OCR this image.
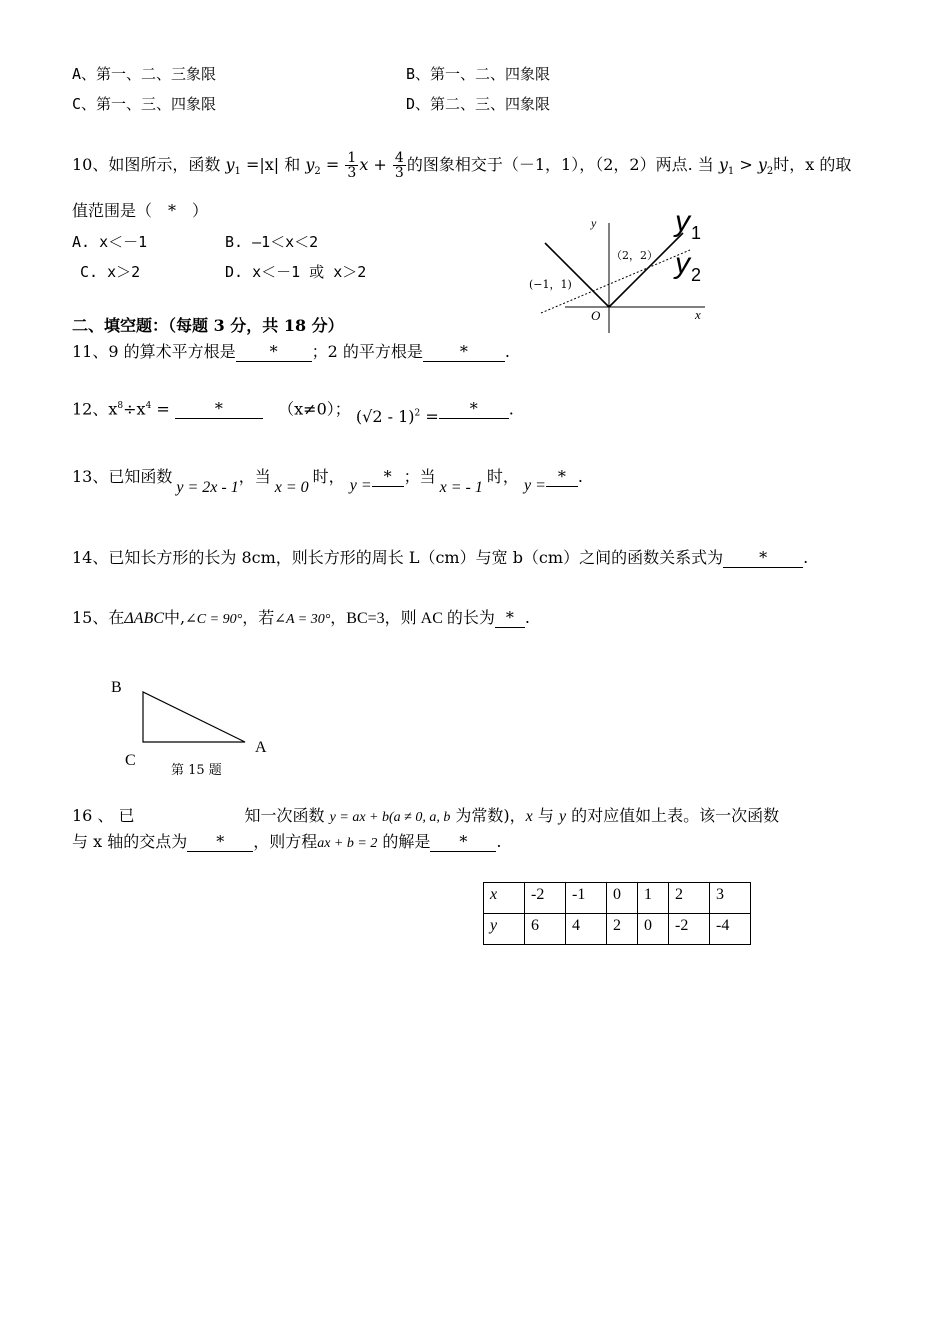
A、第一、二、三象限	B、第一、二、四象限
C、第一、三、四象限	D、第二、三、四象限
10、如图所示，函数 $y_1 =|x|$ 和 $y_2 = \frac{1}{3}$ $x + \frac{4}{3}$ 的图象相交于（－1，1），（2，2）两点. 当 $y_1 > y_2$时，x 的取
值范围是（　*　）
A. x＜－1	B. —1＜x＜2
C. x＞2	D. x＜－1 或 x＞2
y
x
O
y 1
y 2
（2，2）
(−1，1)
二、填空题：（每题 3 分，共 18 分）
11、9 的算术平方根是 * ；2 的平方根是 * .
12、$x^8\div x^4$ =	*	（x≠0）； (√2 - 1)$^2$ = * .
13、已知函数y = 2x - 1，当x = 0时， y = * ；当x = - 1时， y = * .
14、已知长方形的长为 8cm，则长方形的周长 L（cm）与宽 b（cm）之间的函数关系式为 * .
15、在ΔABC中,∠C = 90°，若∠A = 30°，BC=3，则 AC 的长为 * .
B
C
A
第 15 题
16 、 已	知一次函数 y = ax + b(a ≠ 0, a, b 为常数)，x 与 y 的对应值如上表。该一次函数
与 x 轴的交点为 * ，则方程ax + b = 2 的解是 * .
x	-2	-1	0	1	2	3
y	6	4	2	0	-2	-4
